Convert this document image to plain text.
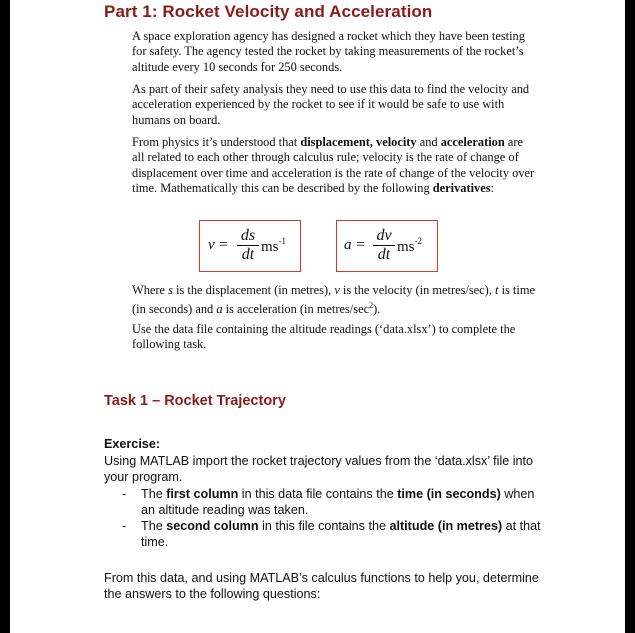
Part 1: Rocket Velocity and Acceleration

A space exploration agency has designed a rocket which they have been testing for safety. The agency tested the rocket by taking measurements of the rocket’s altitude every 10 seconds for 250 seconds.

As part of their safety analysis they need to use this data to find the velocity and acceleration experienced by the rocket to see if it would be safe to use with humans on board.

From physics it’s understood that displacement, velocity and acceleration are all related to each other through calculus rule; velocity is the rate of change of displacement over time and acceleration is the rate of change of the velocity over time. Mathematically this can be described by the following derivatives:

v =
ds
dt $ms^{-1}$	a =
dv
dt $ms^{-2}$

Where s is the displacement (in metres), v is the velocity (in metres/sec), t is time (in seconds) and a is acceleration (in metres/$\sec^2$).

Use the data file containing the altitude readings (‘data.xlsx’) to complete the following task.

Task 1 – Rocket Trajectory

Exercise:

Using MATLAB import the rocket trajectory values from the ‘data.xlsx’ file into your program.

- The first column in this data file contains the time (in seconds) when an altitude reading was taken.

- The second column in this file contains the altitude (in metres) at that time.

From this data, and using MATLAB’s calculus functions to help you, determine the answers to the following questions:
